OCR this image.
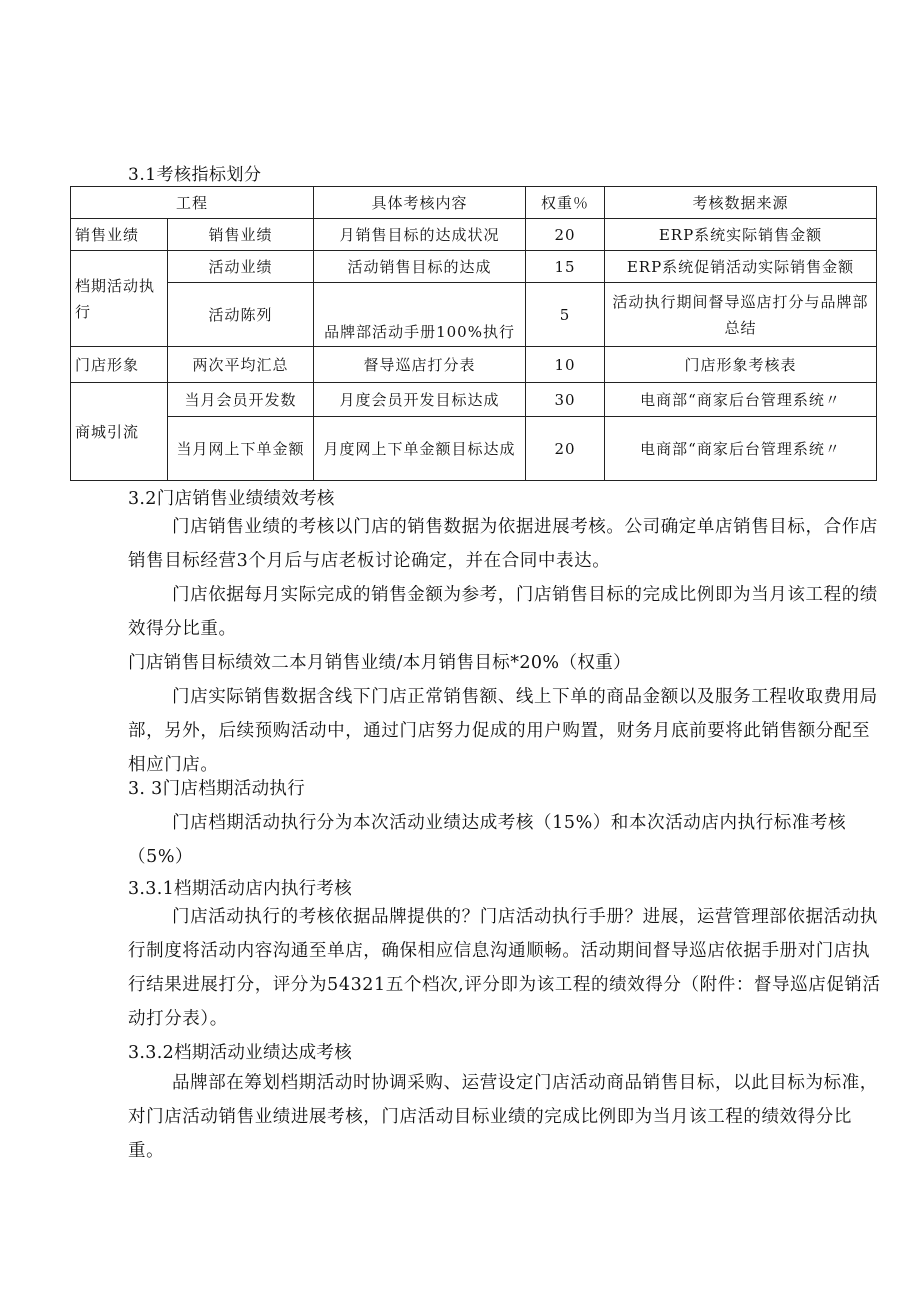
3.1考核指标划分
工程		具体考核内容	权重％	考核数据来源
销售业绩	销售业绩	月销售目标的达成状况	20	ERP系统实际销售金额
档期活动执行	活动业绩	活动销售目标的达成	15	ERP系统促销活动实际销售金额
	活动陈列	品牌部活动手册100%执行	5	活动执行期间督导巡店打分与品牌部总结
门店形象	两次平均汇总	督导巡店打分表	10	门店形象考核表
商城引流	当月会员开发数	月度会员开发目标达成	30	电商部“商家后台管理系统〃
	当月网上下单金额	月度网上下单金额目标达成	20	电商部“商家后台管理系统〃
3.2门店销售业绩绩效考核
门店销售业绩的考核以门店的销售数据为依据进展考核。公司确定单店销售目标，合作店销售目标经营3个月后与店老板讨论确定，并在合同中表达。
门店依据每月实际完成的销售金额为参考，门店销售目标的完成比例即为当月该工程的绩效得分比重。
门店销售目标绩效二本月销售业绩/本月销售目标*20%（权重）
门店实际销售数据含线下门店正常销售额、线上下单的商品金额以及服务工程收取费用局部，另外，后续预购活动中，通过门店努力促成的用户购置，财务月底前要将此销售额分配至相应门店。
3. 3门店档期活动执行
门店档期活动执行分为本次活动业绩达成考核（15%）和本次活动店内执行标准考核（5%）
3.3.1档期活动店内执行考核
门店活动执行的考核依据品牌提供的？门店活动执行手册？进展，运营管理部依据活动执行制度将活动内容沟通至单店，确保相应信息沟通顺畅。活动期间督导巡店依据手册对门店执行结果进展打分，评分为54321五个档次,评分即为该工程的绩效得分（附件：督导巡店促销活动打分表）。
3.3.2档期活动业绩达成考核
品牌部在筹划档期活动时协调采购、运营设定门店活动商品销售目标，以此目标为标准，对门店活动销售业绩进展考核，门店活动目标业绩的完成比例即为当月该工程的绩效得分比重。
